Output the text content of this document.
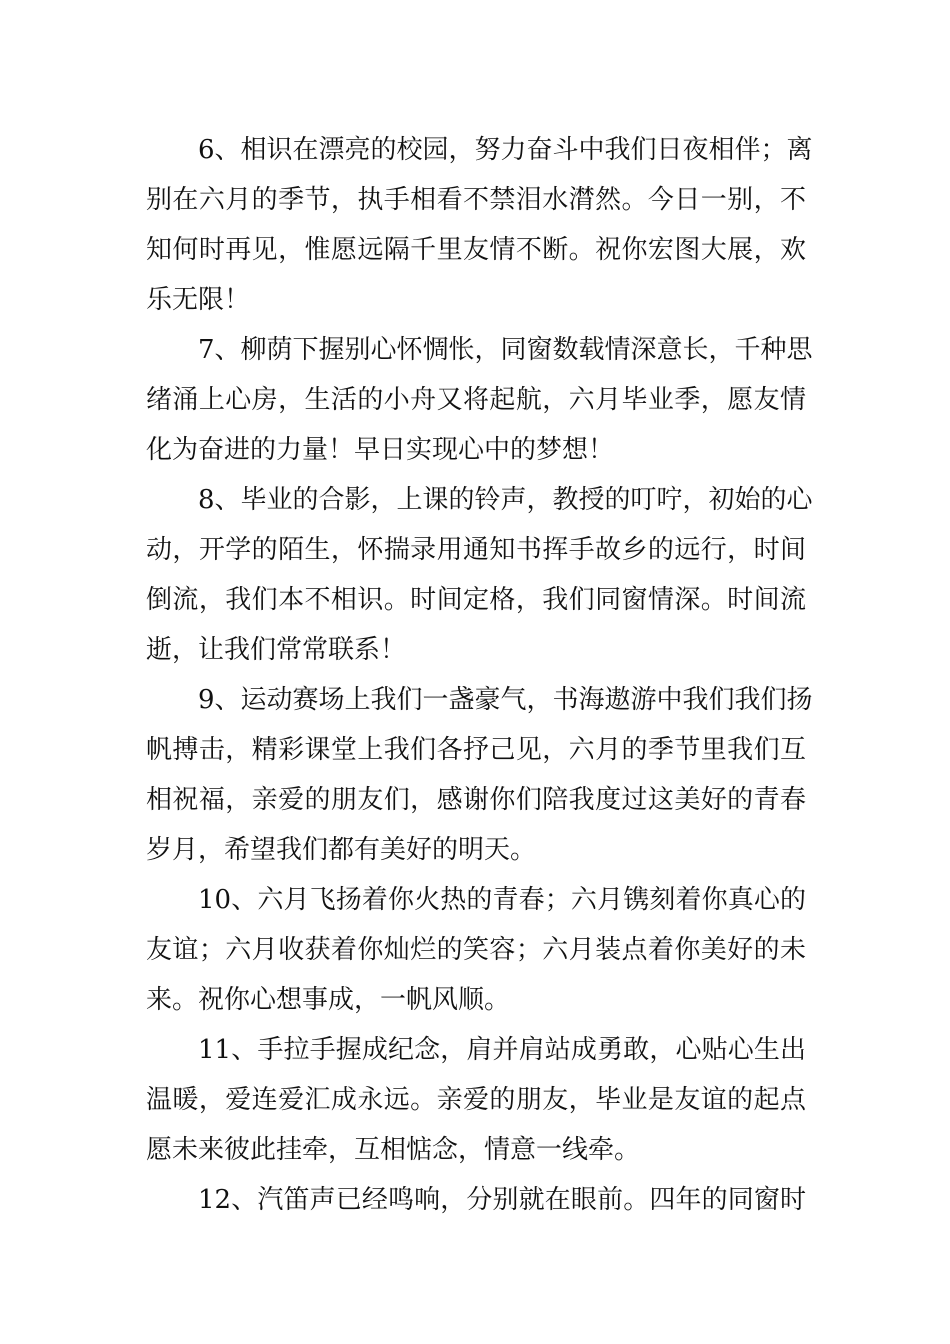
6、相识在漂亮的校园，努力奋斗中我们日夜相伴；离
别在六月的季节，执手相看不禁泪水潸然。今日一别，不
知何时再见，惟愿远隔千里友情不断。祝你宏图大展，欢
乐无限！
7、柳荫下握别心怀惆怅，同窗数载情深意长，千种思
绪涌上心房，生活的小舟又将起航，六月毕业季，愿友情
化为奋进的力量！早日实现心中的梦想！
8、毕业的合影，上课的铃声，教授的叮咛，初始的心
动，开学的陌生，怀揣录用通知书挥手故乡的远行，时间
倒流，我们本不相识。时间定格，我们同窗情深。时间流
逝，让我们常常联系！
9、运动赛场上我们一盏豪气，书海遨游中我们我们扬
帆搏击，精彩课堂上我们各抒己见，六月的季节里我们互
相祝福，亲爱的朋友们，感谢你们陪我度过这美好的青春
岁月，希望我们都有美好的明天。
10、六月飞扬着你火热的青春；六月镌刻着你真心的
友谊；六月收获着你灿烂的笑容；六月装点着你美好的未
来。祝你心想事成，一帆风顺。
11、手拉手握成纪念，肩并肩站成勇敢，心贴心生出
温暖，爱连爱汇成永远。亲爱的朋友，毕业是友谊的起点
愿未来彼此挂牵，互相惦念，情意一线牵。
12、汽笛声已经鸣响，分别就在眼前。四年的同窗时
